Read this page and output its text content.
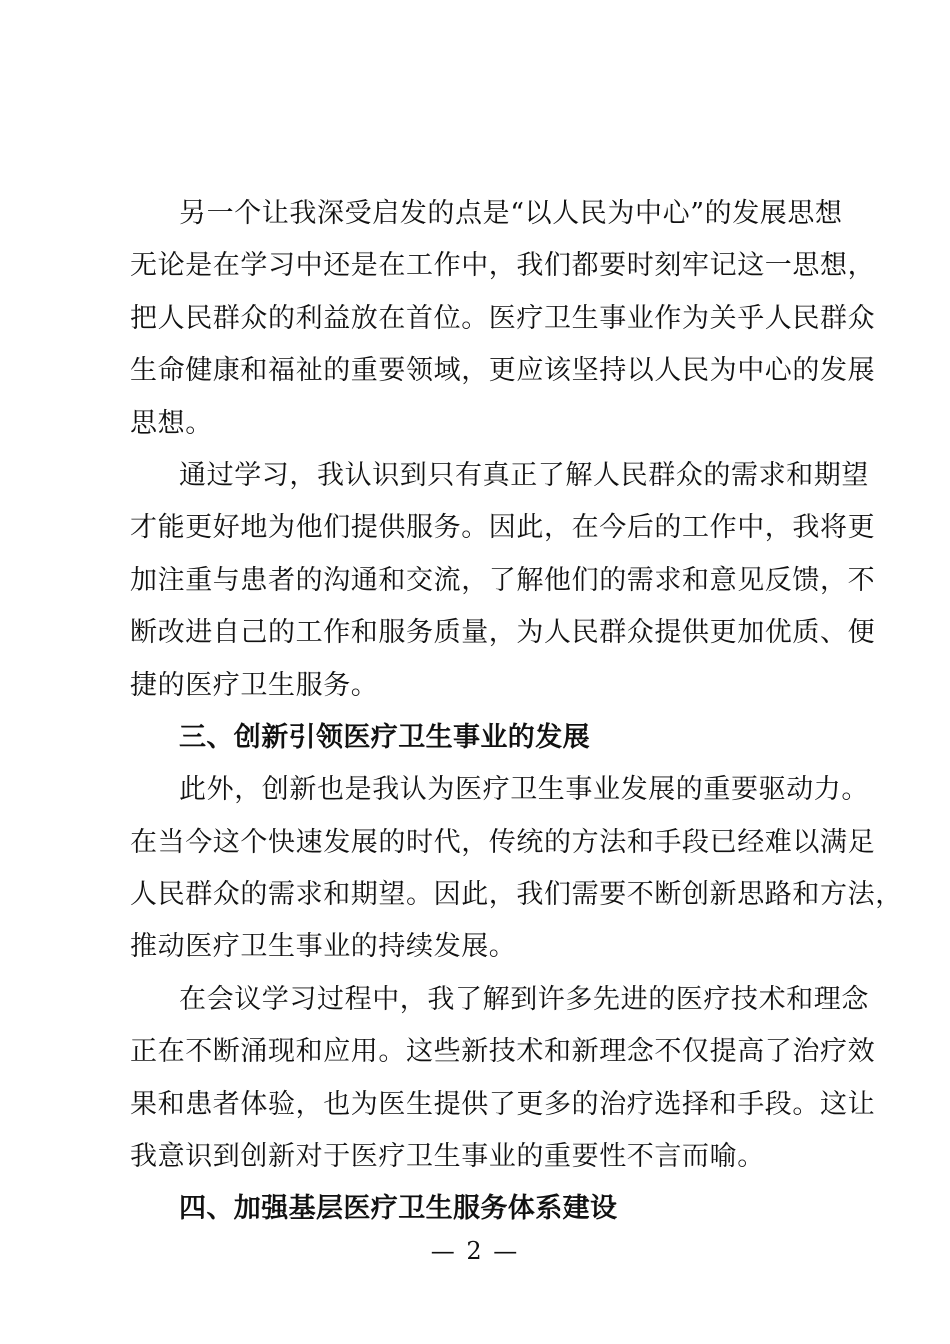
另一个让我深受启发的点是“以人民为中心”的发展思想
无论是在学习中还是在工作中，我们都要时刻牢记这一思想，
把人民群众的利益放在首位。医疗卫生事业作为关乎人民群众
生命健康和福祉的重要领域，更应该坚持以人民为中心的发展
思想。
通过学习，我认识到只有真正了解人民群众的需求和期望
才能更好地为他们提供服务。因此，在今后的工作中，我将更
加注重与患者的沟通和交流，了解他们的需求和意见反馈，不
断改进自己的工作和服务质量，为人民群众提供更加优质、便
捷的医疗卫生服务。
三、创新引领医疗卫生事业的发展
此外，创新也是我认为医疗卫生事业发展的重要驱动力。
在当今这个快速发展的时代，传统的方法和手段已经难以满足
人民群众的需求和期望。因此，我们需要不断创新思路和方法，
推动医疗卫生事业的持续发展。
在会议学习过程中，我了解到许多先进的医疗技术和理念
正在不断涌现和应用。这些新技术和新理念不仅提高了治疗效
果和患者体验，也为医生提供了更多的治疗选择和手段。这让
我意识到创新对于医疗卫生事业的重要性不言而喻。
四、加强基层医疗卫生服务体系建设
— 2 —
